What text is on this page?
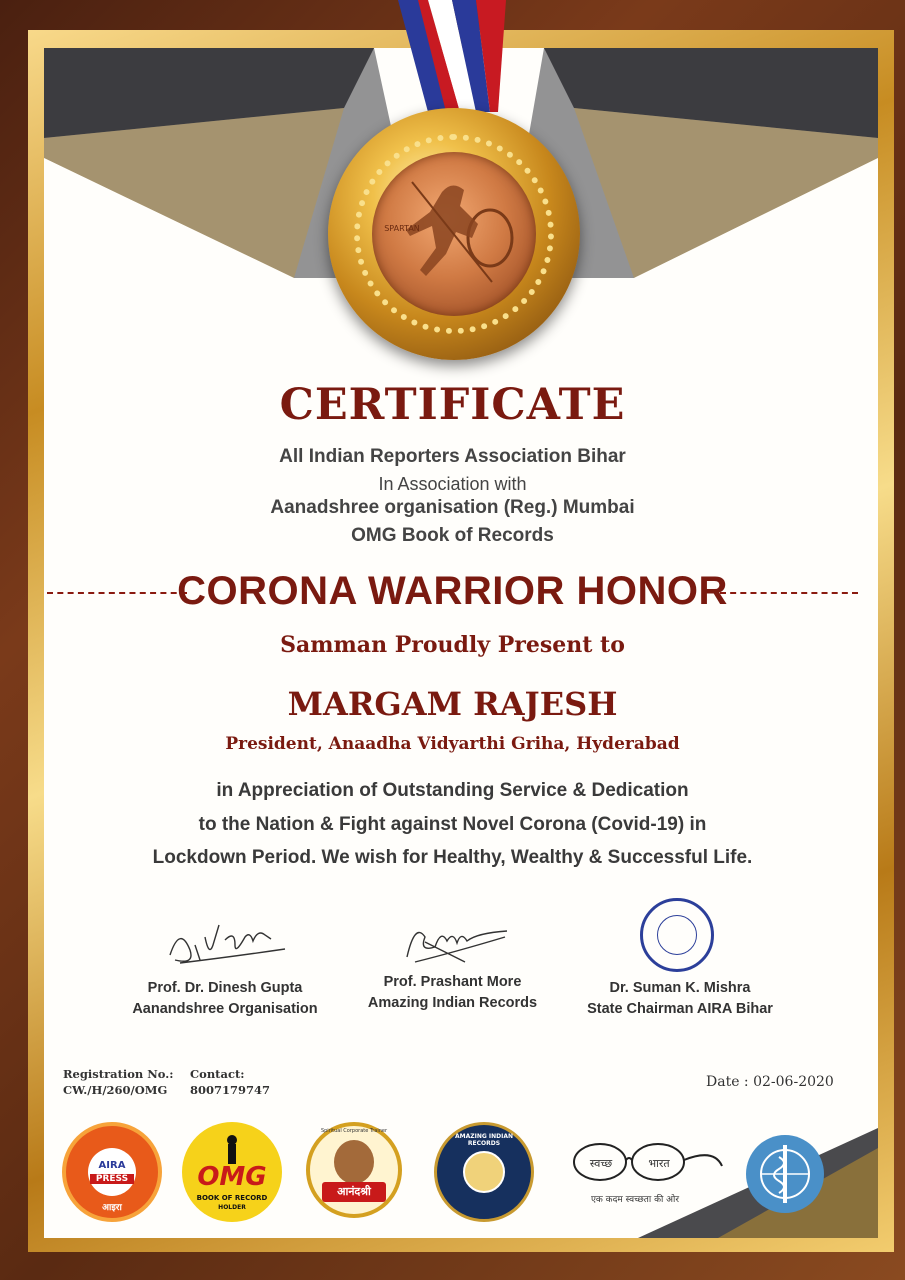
SPARTAN
CERTIFICATE
All Indian Reporters Association Bihar
In Association with
Aanadshree organisation (Reg.) Mumbai
OMG Book of Records
CORONA WARRIOR HONOR
Samman Proudly Present to
MARGAM RAJESH
President, Anaadha Vidyarthi Griha, Hyderabad
in Appreciation of Outstanding Service & Dedication
to the Nation & Fight against Novel Corona (Covid-19) in
Lockdown Period. We wish for Healthy, Wealthy & Successful Life.
Prof. Dr. Dinesh Gupta
Aanandshree Organisation
Prof. Prashant More
Amazing Indian Records
Dr. Suman K. Mishra
State Chairman AIRA Bihar
Registration No.:
CW./H/260/OMG
Contact:
8007179747	Date : 02-06-2020
AIRA
PRESS
आइरा
OMG
BOOK OF RECORD
HOLDER
आनंदश्री
Spiritual Corporate Trainer
AMAZING INDIAN RECORDS
स्वच्छ	भारत
एक कदम स्वच्छता की ओर
